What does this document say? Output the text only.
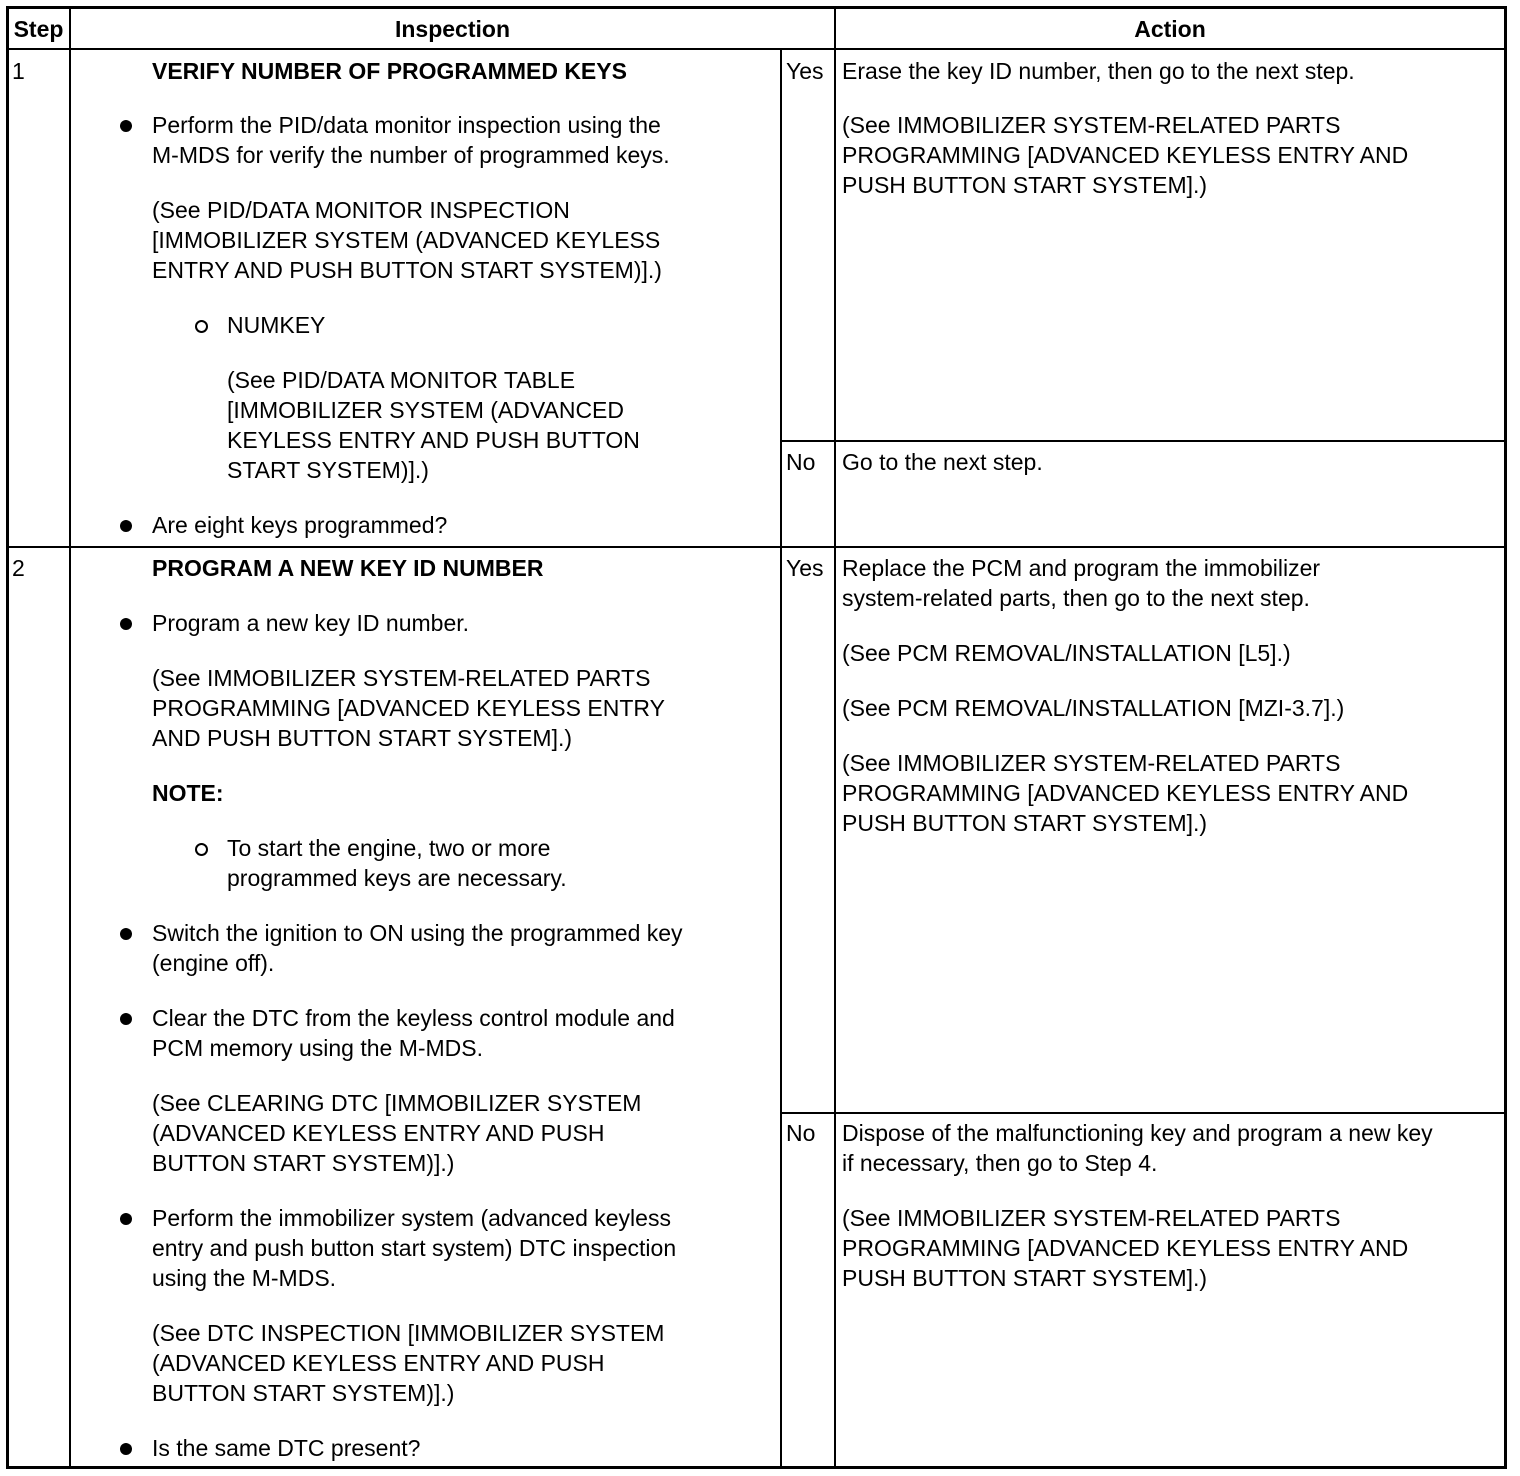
Step	Inspection	Action
1	VERIFY NUMBER OF PROGRAMMED KEYS
Perform the PID/data monitor inspection using the
M-MDS for verify the number of programmed keys.
(See PID/DATA MONITOR INSPECTION
[IMMOBILIZER SYSTEM (ADVANCED KEYLESS
ENTRY AND PUSH BUTTON START SYSTEM)].)
NUMKEY
(See PID/DATA MONITOR TABLE
[IMMOBILIZER SYSTEM (ADVANCED
KEYLESS ENTRY AND PUSH BUTTON
START SYSTEM)].)
Are eight keys programmed?
Yes Erase the key ID number, then go to the next step.
(See IMMOBILIZER SYSTEM-RELATED PARTS
PROGRAMMING [ADVANCED KEYLESS ENTRY AND
PUSH BUTTON START SYSTEM].)
No Go to the next step.
2	PROGRAM A NEW KEY ID NUMBER
Program a new key ID number.
(See IMMOBILIZER SYSTEM-RELATED PARTS
PROGRAMMING [ADVANCED KEYLESS ENTRY
AND PUSH BUTTON START SYSTEM].)
NOTE:
To start the engine, two or more
programmed keys are necessary.
Switch the ignition to ON using the programmed key
(engine off).
Clear the DTC from the keyless control module and
PCM memory using the M-MDS.
(See CLEARING DTC [IMMOBILIZER SYSTEM
(ADVANCED KEYLESS ENTRY AND PUSH
BUTTON START SYSTEM)].)
Perform the immobilizer system (advanced keyless
entry and push button start system) DTC inspection
using the M-MDS.
(See DTC INSPECTION [IMMOBILIZER SYSTEM
(ADVANCED KEYLESS ENTRY AND PUSH
BUTTON START SYSTEM)].)
Is the same DTC present?
Yes Replace the PCM and program the immobilizer
system-related parts, then go to the next step.
(See PCM REMOVAL/INSTALLATION [L5].)
(See PCM REMOVAL/INSTALLATION [MZI-3.7].)
(See IMMOBILIZER SYSTEM-RELATED PARTS
PROGRAMMING [ADVANCED KEYLESS ENTRY AND
PUSH BUTTON START SYSTEM].)
No Dispose of the malfunctioning key and program a new key
if necessary, then go to Step 4.
(See IMMOBILIZER SYSTEM-RELATED PARTS
PROGRAMMING [ADVANCED KEYLESS ENTRY AND
PUSH BUTTON START SYSTEM].)
